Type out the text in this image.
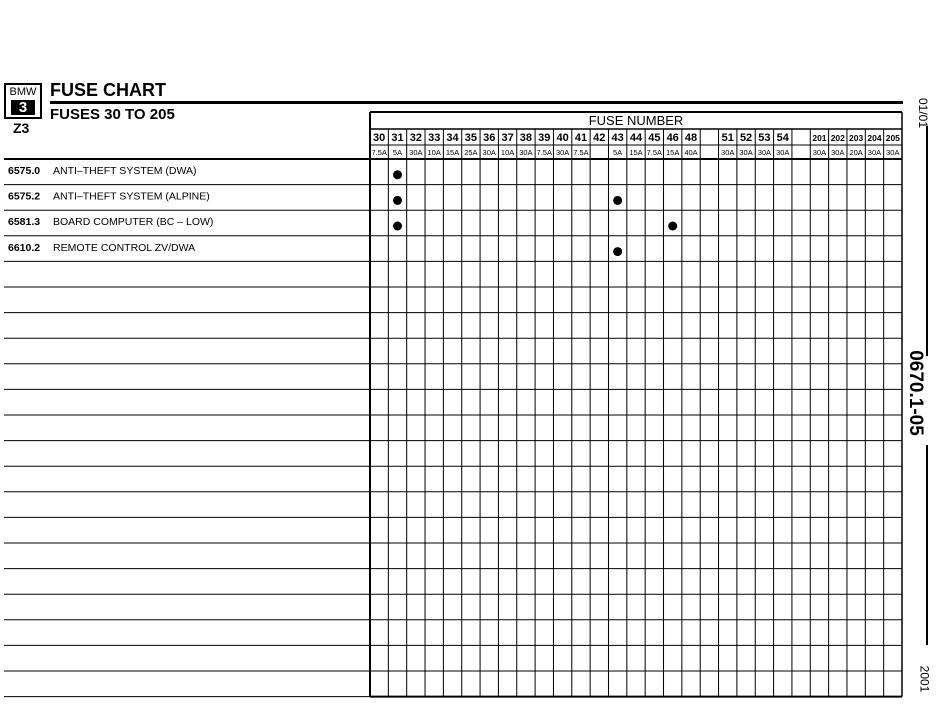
BMW
3
Z3
FUSE CHART
FUSES 30 TO 205	FUSE NUMBER
30
7.5A
31
5A
32
30A
33
10A
34
15A
35
25A
36
30A
37
10A
38
30A
39
7.5A
40
30A
41
7.5A
42 43
5A
44
15A
45
7.5A
46
15A
48
40A
51
30A
52
30A
53
30A
54
30A
201
30A
202
30A
203
20A
204
30A
205
30A
6575.0 ANTI–THEFT SYSTEM (DWA)
6575.2 ANTI–THEFT SYSTEM (ALPINE)
6581.3 BOARD COMPUTER (BC – LOW)
6610.2 REMOTE CONTROL ZV/DWA
01/01
0670.1-05
2001
